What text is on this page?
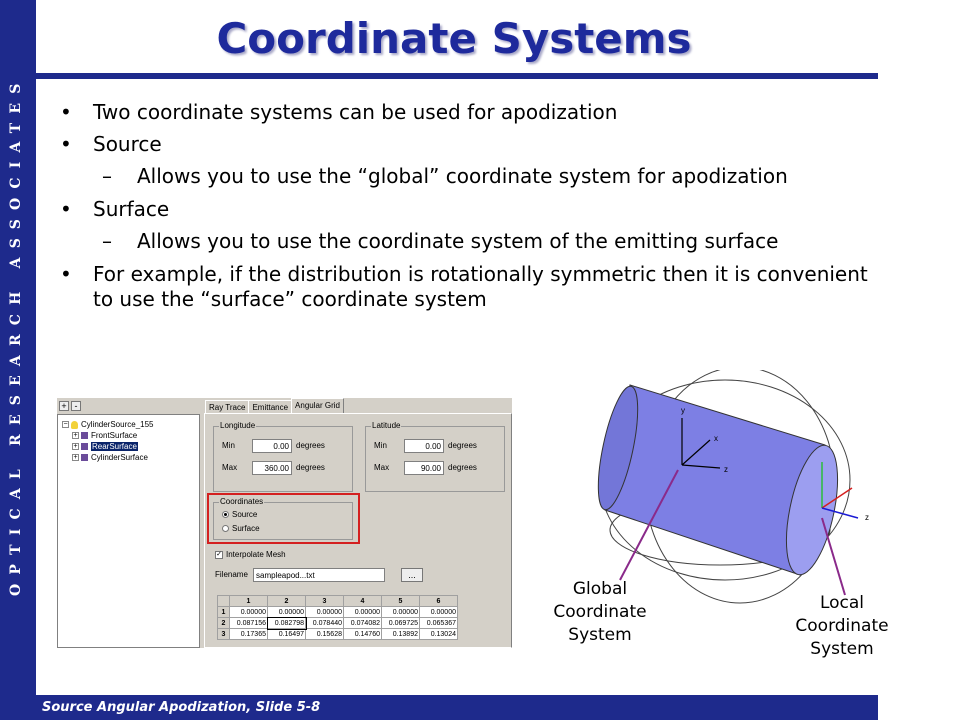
OPTICAL RESEARCH ASSOCIATES
Coordinate Systems
• Two coordinate systems can be used for apodization
• Source
– Allows you to use the “global” coordinate system for apodization
• Surface
– Allows you to use the coordinate system of the emitting surface
• For example, if the distribution is rotationally symmetric then it is convenient to use the “surface” coordinate system
+ -
− CylinderSource_155
+ FrontSurface
+ RearSurface
+ CylinderSurface
Ray Trace Emittance Angular Grid
Longitude
Min	0.00 degrees
Max	360.00 degrees
Latitude
Min	0.00 degrees
Max	90.00 degrees
Coordinates
Source
Surface
✓ Interpolate Mesh
Filename sampleapod...txt	...
	1	2	3	4	5	6
1	0.00000	0.00000	0.00000	0.00000	0.00000	0.00000
2	0.087156	0.082798	0.078440	0.074082	0.069725	0.065367
3	0.17365	0.16497	0.15628	0.14760	0.13892	0.13024
y
x
z
z
Global
Coordinate
System
Local
Coordinate
System
Source Angular Apodization, Slide 5-8
